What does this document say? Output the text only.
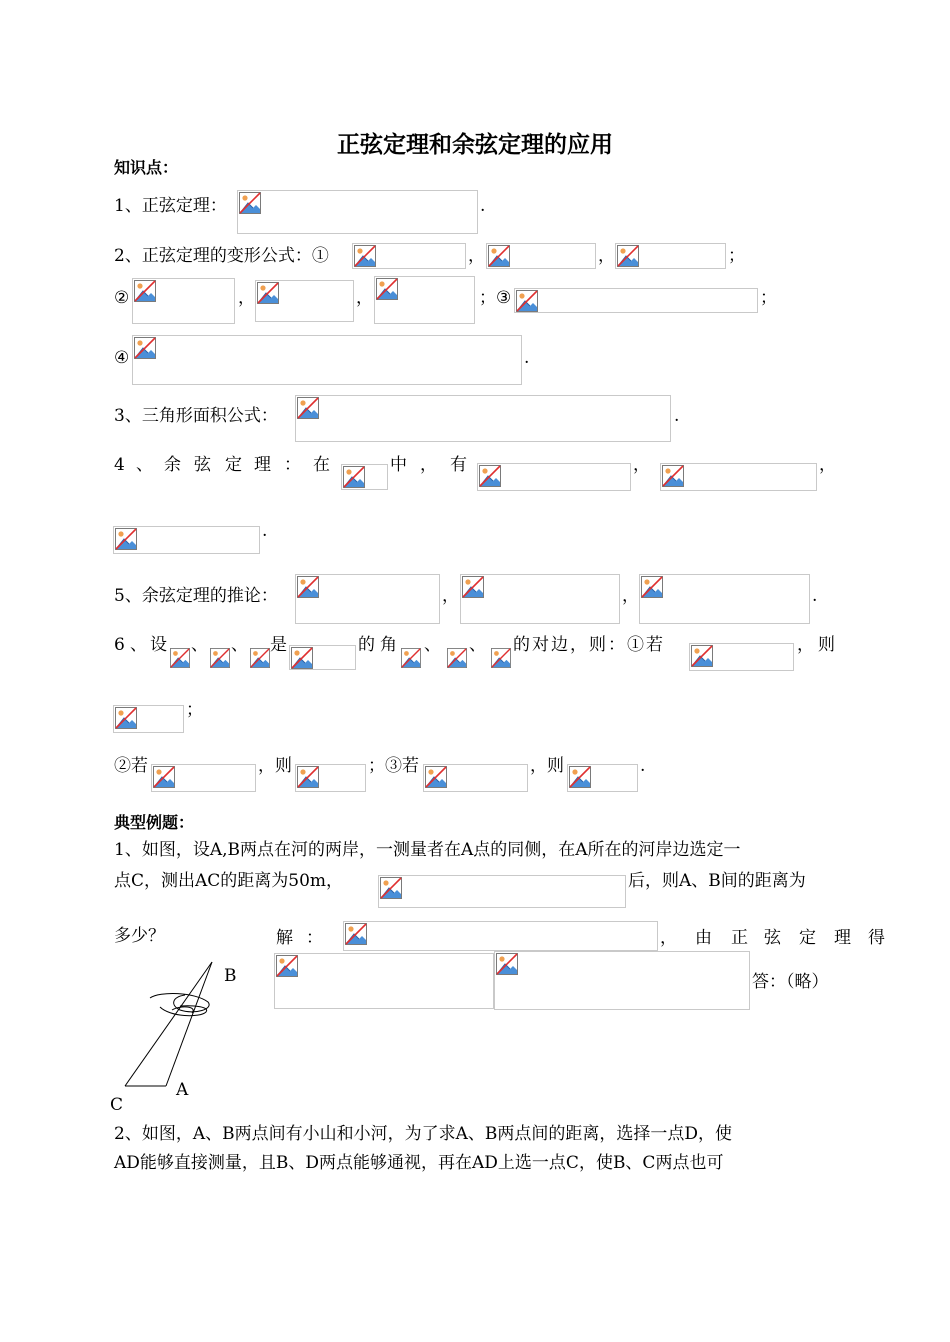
正弦定理和余弦定理的应用
知识点：
1、正弦定理：	.
2、正弦定理的变形公式：①	，	，	；
②	，	，	； ③	；
④	.
3、三角形面积公式：	.
4 、 余 弦 定 理 ： 在	中 ， 有	，	，
.
5、余弦定理的推论：	，	，	.
6 、 设 、 、 是	的 角 、 、 的对边，则：①若	， 则
；
②若	，则	；③若	，则	.
典型例题：
1、如图，设A,B两点在河的两岸，一测量者在A点的同侧，在A所在的河岸边选定一
点C，测出AC的距离为50m，	后，则A、B间的距离为
多少？	解 ：	， 由 正 弦 定 理 得
答：（略）
B
A
C
2、如图，A、B两点间有小山和小河，为了求A、B两点间的距离，选择一点D，使
AD能够直接测量，且B、D两点能够通视，再在AD上选一点C，使B、C两点也可
